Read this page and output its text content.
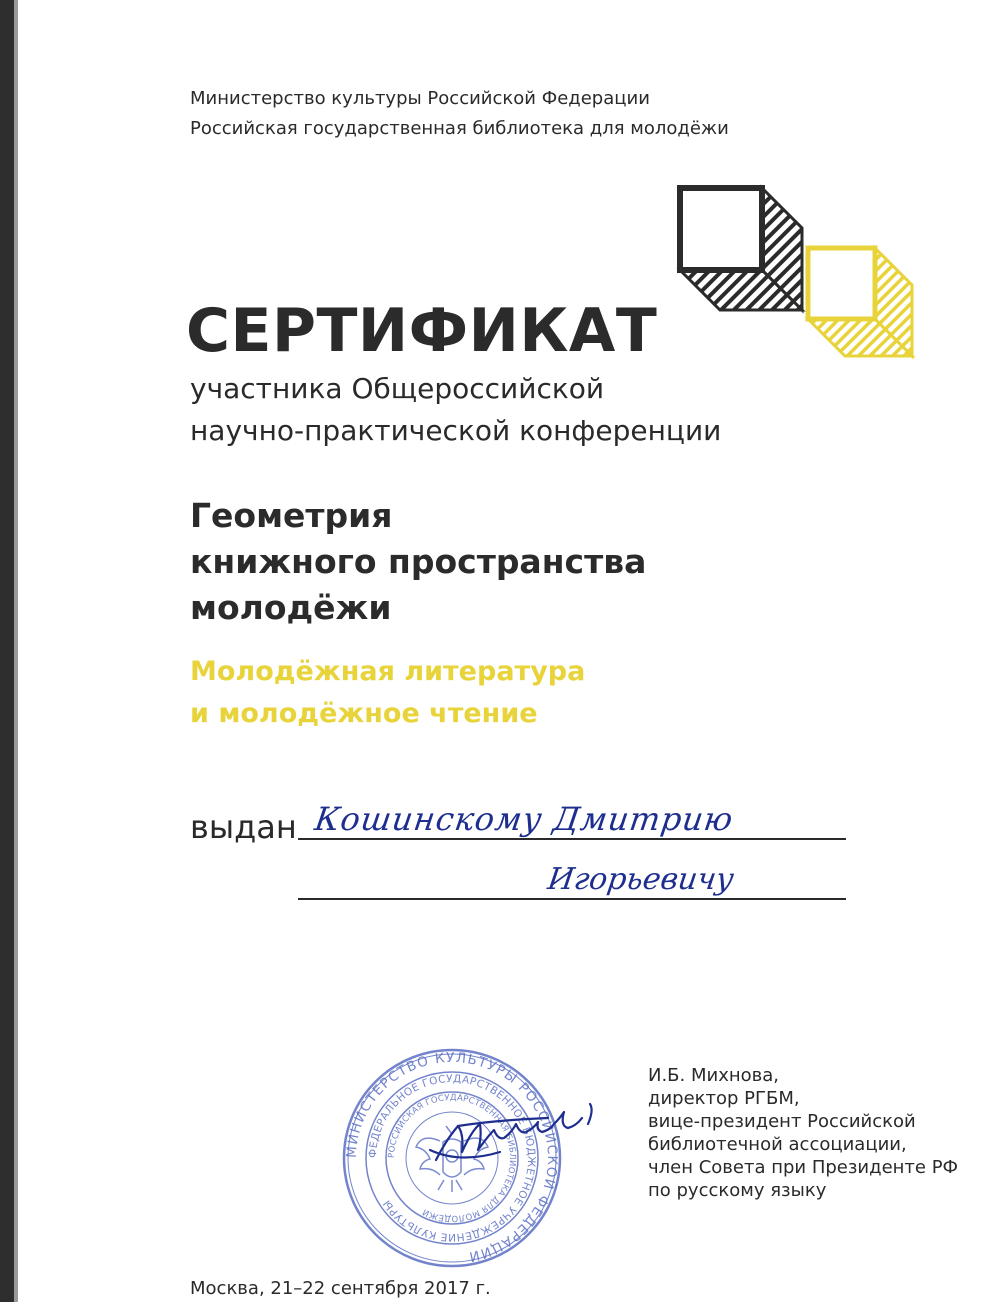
Министерство культуры Российской Федерации
Российская государственная библиотека для молодёжи
СЕРТИФИКАТ
участника Общероссийской
научно-практической конференции
Геометрия
книжного пространства
молодёжи
Молодёжная литература
и молодёжное чтение
выдан Кошинскому Дмитрию
Игорьевичу
МИНИСТЕРСТВО КУЛЬТУРЫ РОССИЙСКОЙ ФЕДЕРАЦИИ
ФЕДЕРАЛЬНОЕ ГОСУДАРСТВЕННОЕ БЮДЖЕТНОЕ УЧРЕЖДЕНИЕ КУЛЬТУРЫ
РОССИЙСКАЯ ГОСУДАРСТВЕННАЯ БИБЛИОТЕКА ДЛЯ МОЛОДЁЖИ
И.Б. Михнова,
директор РГБМ,
вице-президент Российской
библиотечной ассоциации,
член Совета при Президенте РФ
по русскому языку
Москва, 21–22 сентября 2017 г.
